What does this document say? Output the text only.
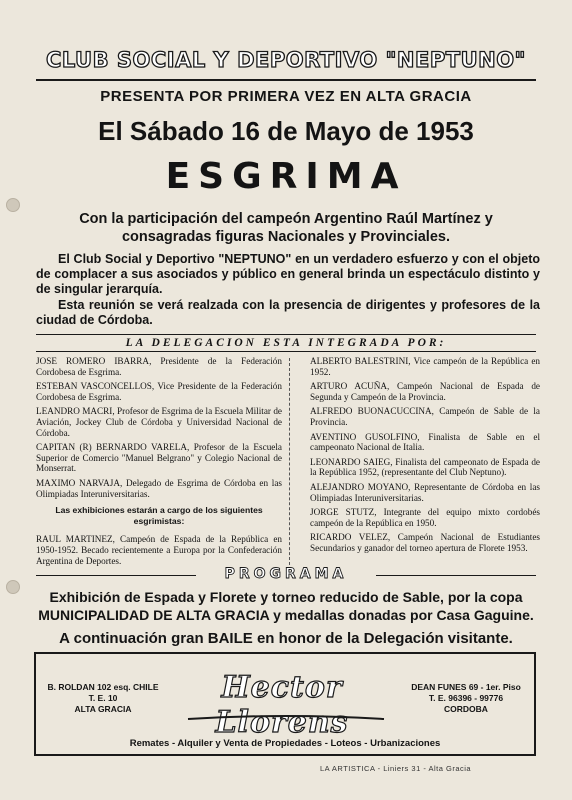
CLUB SOCIAL Y DEPORTIVO "NEPTUNO"
PRESENTA POR PRIMERA VEZ EN ALTA GRACIA
El Sábado 16 de Mayo de 1953
ESGRIMA
Con la participación del campeón Argentino Raúl Martínez y consagradas figuras Nacionales y Provinciales.
El Club Social y Deportivo "NEPTUNO" en un verdadero esfuerzo y con el objeto de complacer a sus asociados y público en general brinda un espectáculo distinto y de singular jerarquía.
Esta reunión se verá realzada con la presencia de dirigentes y profesores de la ciudad de Córdoba.
LA DELEGACION ESTA INTEGRADA POR:
JOSE ROMERO IBARRA, Presidente de la Federación Cordobesa de Esgrima.
ESTEBAN VASCONCELLOS, Vice Presidente de la Federación Cordobesa de Esgrima.
LEANDRO MACRI, Profesor de Esgrima de la Escuela Militar de Aviación, Jockey Club de Córdoba y Universidad Nacional de Córdoba.
CAPITAN (R) BERNARDO VARELA, Profesor de la Escuela Superior de Comercio "Manuel Belgrano" y Colegio Nacional de Monserrat.
MAXIMO NARVAJA, Delegado de Esgrima de Córdoba en las Olimpiadas Interuniversitarias.
Las exhibiciones estarán a cargo de los siguientes esgrimistas:
RAUL MARTINEZ, Campeón de Espada de la República en 1950-1952. Becado recientemente a Europa por la Confederación Argentina de Deportes.
ALBERTO BALESTRINI, Vice campeón de la República en 1952.
ARTURO ACUÑA, Campeón Nacional de Espada de Segunda y Campeón de la Provincia.
ALFREDO BUONACUCCINA, Campeón de Sable de la Provincia.
AVENTINO GUSOLFINO, Finalista de Sable en el campeonato Nacional de Italia.
LEONARDO SAIEG, Finalista del campeonato de Espada de la República 1952, (representante del Club Neptuno).
ALEJANDRO MOYANO, Representante de Córdoba en las Olimpiadas Interuniversitarias.
JORGE STUTZ, Integrante del equipo mixto cordobés campeón de la República en 1950.
RICARDO VELEZ, Campeón Nacional de Estudiantes Secundarios y ganador del torneo apertura de Florete 1953.
PROGRAMA
Exhibición de Espada y Florete y torneo reducido de Sable, por la copa
MUNICIPALIDAD DE ALTA GRACIA y medallas donadas por Casa Gaguine.
A continuación gran BAILE en honor de la Delegación visitante.
B. ROLDAN 102 esq. CHILE
T. E. 10
ALTA GRACIA
Hector Llorens
DEAN FUNES 69 - 1er. Piso
T. E. 96396 - 99776
CORDOBA
Remates - Alquiler y Venta de Propiedades - Loteos - Urbanizaciones
LA ARTISTICA - Liniers 31 - Alta Gracia
